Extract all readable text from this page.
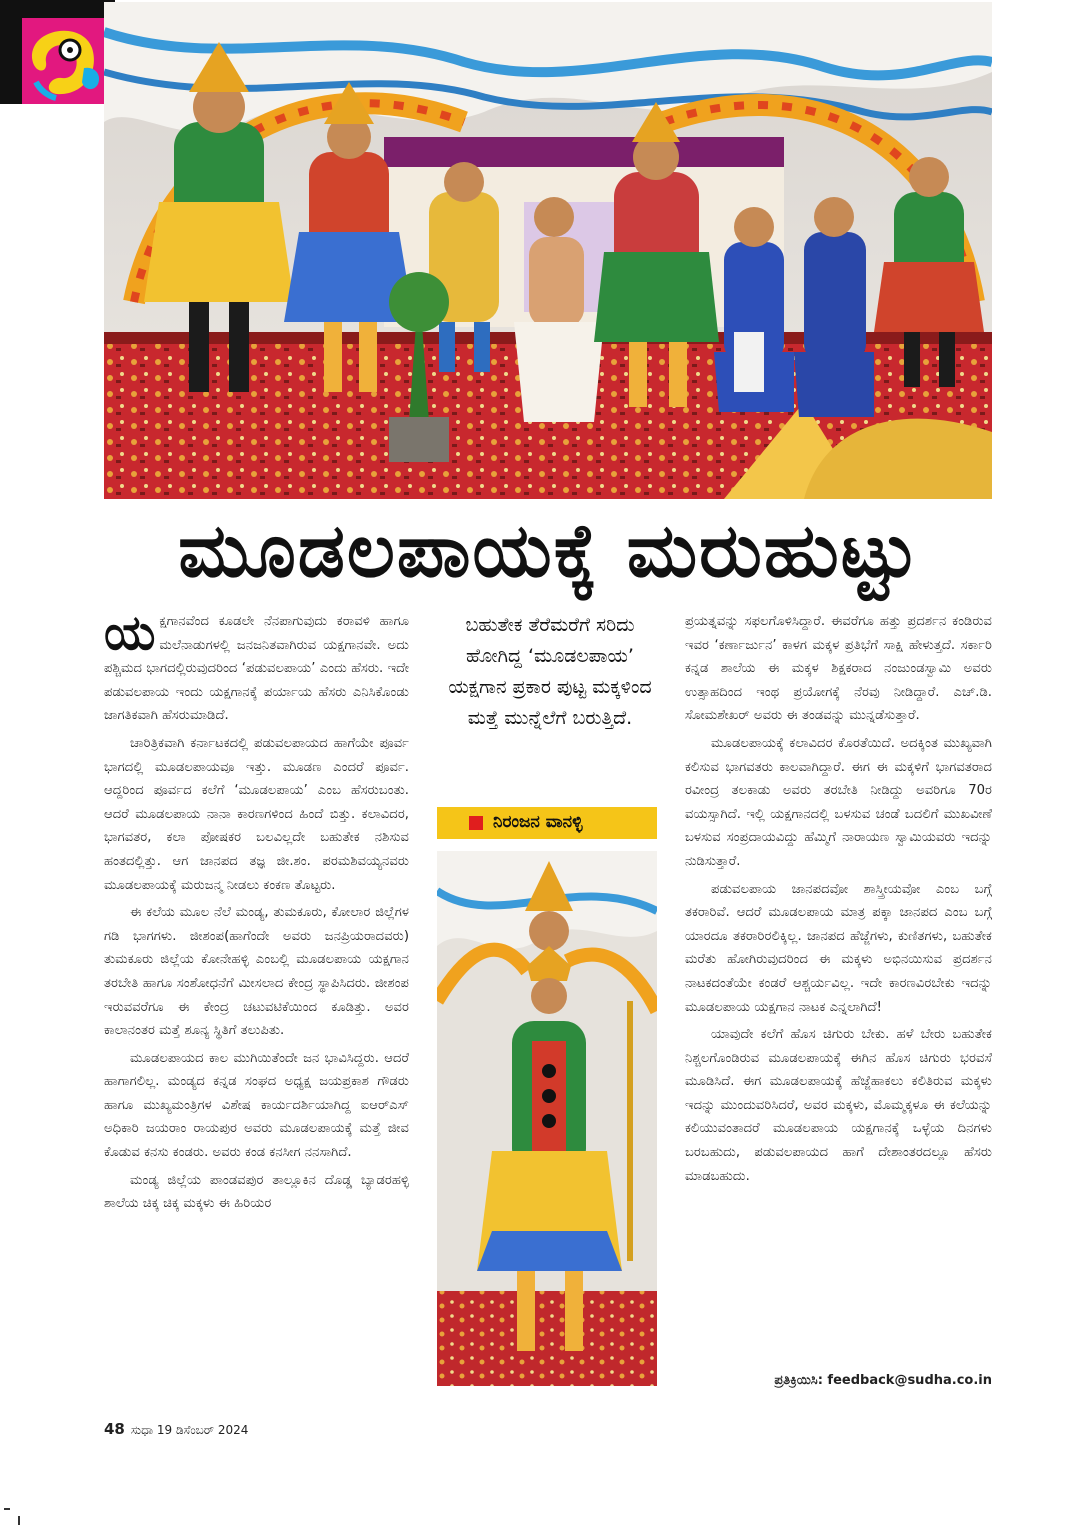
ಮೂಡಲಪಾಯಕ್ಕೆ ಮರುಹುಟ್ಟು

ಯಕ್ಷಗಾನವೆಂದ ಕೂಡಲೇ ನೆನಪಾಗುವುದು ಕರಾವಳಿ ಹಾಗೂ ಮಲೆನಾಡುಗಳಲ್ಲಿ ಜನಜನಿತವಾಗಿರುವ ಯಕ್ಷಗಾನವೇ. ಅದು ಪಶ್ಚಿಮದ ಭಾಗದಲ್ಲಿರುವುದರಿಂದ ‘ಪಡುವಲಪಾಯ’ ಎಂದು ಹೆಸರು. ಇದೇ ಪಡುವಲಪಾಯ ಇಂದು ಯಕ್ಷಗಾನಕ್ಕೆ ಪರ್ಯಾಯ ಹೆಸರು ಎನಿಸಿಕೊಂಡು ಜಾಗತಿಕವಾಗಿ ಹೆಸರುಮಾಡಿದೆ.

ಚಾರಿತ್ರಿಕವಾಗಿ ಕರ್ನಾಟಕದಲ್ಲಿ ಪಡುವಲಪಾಯದ ಹಾಗೆಯೇ ಪೂರ್ವ ಭಾಗದಲ್ಲಿ ಮೂಡಲಪಾಯವೂ ಇತ್ತು. ಮೂಡಣ ಎಂದರೆ ಪೂರ್ವ. ಆದ್ದರಿಂದ ಪೂರ್ವದ ಕಲೆಗೆ ‘ಮೂಡಲಪಾಯ’ ಎಂಬ ಹೆಸರುಬಂತು. ಆದರೆ ಮೂಡಲಪಾಯ ನಾನಾ ಕಾರಣಗಳಿಂದ ಹಿಂದೆ ಬಿತ್ತು. ಕಲಾವಿದರ, ಭಾಗವತರ, ಕಲಾ ಪೋಷಕರ ಬಲವಿಲ್ಲದೇ ಬಹುತೇಕ ನಶಿಸುವ ಹಂತದಲ್ಲಿತ್ತು. ಆಗ ಜಾನಪದ ತಜ್ಞ ಜೀ.ಶಂ. ಪರಮಶಿವಯ್ಯನವರು ಮೂಡಲಪಾಯಕ್ಕೆ ಮರುಜನ್ಮ ನೀಡಲು ಕಂಕಣ ತೊಟ್ಟರು.

ಈ ಕಲೆಯ ಮೂಲ ನೆಲೆ ಮಂಡ್ಯ, ತುಮಕೂರು, ಕೋಲಾರ ಜಿಲ್ಲೆಗಳ ಗಡಿ ಭಾಗಗಳು. ಜೀಶಂಪ(ಹಾಗೆಂದೇ ಅವರು ಜನಪ್ರಿಯರಾದವರು) ತುಮಕೂರು ಜಿಲ್ಲೆಯ ಕೋನೇಹಳ್ಳಿ ಎಂಬಲ್ಲಿ ಮೂಡಲಪಾಯ ಯಕ್ಷಗಾನ ತರಬೇತಿ ಹಾಗೂ ಸಂಶೋಧನೆಗೆ ಮೀಸಲಾದ ಕೇಂದ್ರ ಸ್ಥಾಪಿಸಿದರು. ಜೀಶಂಪ ಇರುವವರೆಗೂ ಈ ಕೇಂದ್ರ ಚಟುವಟಿಕೆಯಿಂದ ಕೂಡಿತ್ತು. ಅವರ ಕಾಲಾನಂತರ ಮತ್ತೆ ಶೂನ್ಯ ಸ್ಥಿತಿಗೆ ತಲುಪಿತು.

ಮೂಡಲಪಾಯದ ಕಾಲ ಮುಗಿಯಿತೆಂದೇ ಜನ ಭಾವಿಸಿದ್ದರು. ಆದರೆ ಹಾಗಾಗಲಿಲ್ಲ. ಮಂಡ್ಯದ ಕನ್ನಡ ಸಂಘದ ಅಧ್ಯಕ್ಷ ಜಯಪ್ರಕಾಶ ಗೌಡರು ಹಾಗೂ ಮುಖ್ಯಮಂತ್ರಿಗಳ ವಿಶೇಷ ಕಾರ್ಯದರ್ಶಿಯಾಗಿದ್ದ ಐಆರ್‌ಎಸ್ ಅಧಿಕಾರಿ ಜಯರಾಂ ರಾಯಪುರ ಅವರು ಮೂಡಲಪಾಯಕ್ಕೆ ಮತ್ತೆ ಜೀವ ಕೊಡುವ ಕನಸು ಕಂಡರು. ಅವರು ಕಂಡ ಕನಸೀಗ ನನಸಾಗಿದೆ.

ಮಂಡ್ಯ ಜಿಲ್ಲೆಯ ಪಾಂಡವಪುರ ತಾಲ್ಲೂಕಿನ ದೊಡ್ಡ ಬ್ಯಾಡರಹಳ್ಳಿ ಶಾಲೆಯ ಚಿಕ್ಕ ಚಿಕ್ಕ ಮಕ್ಕಳು ಈ ಹಿರಿಯರ

ಬಹುತೇಕ ತೆರೆಮರೆಗೆ ಸರಿದು ಹೋಗಿದ್ದ ‘ಮೂಡಲಪಾಯ’ ಯಕ್ಷಗಾನ ಪ್ರಕಾರ ಪುಟ್ಟ ಮಕ್ಕಳಿಂದ ಮತ್ತೆ ಮುನ್ನೆಲೆಗೆ ಬರುತ್ತಿದೆ.
ನಿರಂಜನ ವಾನಳ್ಳಿ

ಪ್ರಯತ್ನವನ್ನು ಸಫಲಗೊಳಿಸಿದ್ದಾರೆ. ಈವರೆಗೂ ಹತ್ತು ಪ್ರದರ್ಶನ ಕಂಡಿರುವ ಇವರ ‘ಕರ್ಣಾರ್ಜುನ’ ಕಾಳಗ ಮಕ್ಕಳ ಪ್ರತಿಭೆಗೆ ಸಾಕ್ಷಿ ಹೇಳುತ್ತದೆ. ಸರ್ಕಾರಿ ಕನ್ನಡ ಶಾಲೆಯ ಈ ಮಕ್ಕಳ ಶಿಕ್ಷಕರಾದ ನಂಜುಂಡಸ್ವಾಮಿ ಅವರು ಉತ್ಸಾಹದಿಂದ ಇಂಥ ಪ್ರಯೋಗಕ್ಕೆ ನೆರವು ನೀಡಿದ್ದಾರೆ. ಎಚ್.ಡಿ. ಸೋಮಶೇಖರ್ ಅವರು ಈ ತಂಡವನ್ನು ಮುನ್ನಡೆಸುತ್ತಾರೆ.

ಮೂಡಲಪಾಯಕ್ಕೆ ಕಲಾವಿದರ ಕೊರತೆಯಿದೆ. ಅದಕ್ಕಿಂತ ಮುಖ್ಯವಾಗಿ ಕಲಿಸುವ ಭಾಗವತರು ಕಾಲವಾಗಿದ್ದಾರೆ. ಈಗ ಈ ಮಕ್ಕಳಿಗೆ ಭಾಗವತರಾದ ರವೀಂದ್ರ ತಲಕಾಡು ಅವರು ತರಬೇತಿ ನೀಡಿದ್ದು ಅವರಿಗೂ 70ರ ವಯಸ್ಸಾಗಿದೆ. ಇಲ್ಲಿ ಯಕ್ಷಗಾನದಲ್ಲಿ ಬಳಸುವ ಚಂಡೆ ಬದಲಿಗೆ ಮುಖವೀಣೆ ಬಳಸುವ ಸಂಪ್ರದಾಯವಿದ್ದು ಹೆಮ್ಮಿಗೆ ನಾರಾಯಣ ಸ್ವಾಮಿಯವರು ಇದನ್ನು ನುಡಿಸುತ್ತಾರೆ.

ಪಡುವಲಪಾಯ ಜಾನಪದವೋ ಶಾಸ್ತ್ರೀಯವೋ ಎಂಬ ಬಗ್ಗೆ ತಕರಾರಿವೆ. ಆದರೆ ಮೂಡಲಪಾಯ ಮಾತ್ರ ಪಕ್ಕಾ ಜಾನಪದ ಎಂಬ ಬಗ್ಗೆ ಯಾರದೂ ತಕರಾರಿರಲಿಕ್ಕಿಲ್ಲ. ಜಾನಪದ ಹೆಜ್ಜೆಗಳು, ಕುಣಿತಗಳು, ಬಹುತೇಕ ಮರೆತು ಹೋಗಿರುವುದರಿಂದ ಈ ಮಕ್ಕಳು ಅಭಿನಯಿಸುವ ಪ್ರದರ್ಶನ ನಾಟಕದಂತೆಯೇ ಕಂಡರೆ ಆಶ್ಚರ್ಯವಿಲ್ಲ. ಇದೇ ಕಾರಣವಿರಬೇಕು ಇದನ್ನು ಮೂಡಲಪಾಯ ಯಕ್ಷಗಾನ ನಾಟಕ ಎನ್ನಲಾಗಿದೆ!

ಯಾವುದೇ ಕಲೆಗೆ ಹೊಸ ಚಿಗುರು ಬೇಕು. ಹಳೆ ಬೇರು ಬಹುತೇಕ ನಿಶ್ಚಲಗೊಂಡಿರುವ ಮೂಡಲಪಾಯಕ್ಕೆ ಈಗಿನ ಹೊಸ ಚಿಗುರು ಭರವಸೆ ಮೂಡಿಸಿದೆ. ಈಗ ಮೂಡಲಪಾಯಕ್ಕೆ ಹೆಜ್ಜೆಹಾಕಲು ಕಲಿತಿರುವ ಮಕ್ಕಳು ಇದನ್ನು ಮುಂದುವರಿಸಿದರೆ, ಅವರ ಮಕ್ಕಳು, ಮೊಮ್ಮಕ್ಕಳೂ ಈ ಕಲೆಯನ್ನು ಕಲಿಯುವಂತಾದರೆ ಮೂಡಲಪಾಯ ಯಕ್ಷಗಾನಕ್ಕೆ ಒಳ್ಳೆಯ ದಿನಗಳು ಬರಬಹುದು, ಪಡುವಲಪಾಯದ ಹಾಗೆ ದೇಶಾಂತರದಲ್ಲೂ ಹೆಸರು ಮಾಡಬಹುದು.

ಪ್ರತಿಕ್ರಿಯಿಸಿ: feedback@sudha.co.in
48 ಸುಧಾ 19 ಡಿಸೆಂಬರ್ 2024
